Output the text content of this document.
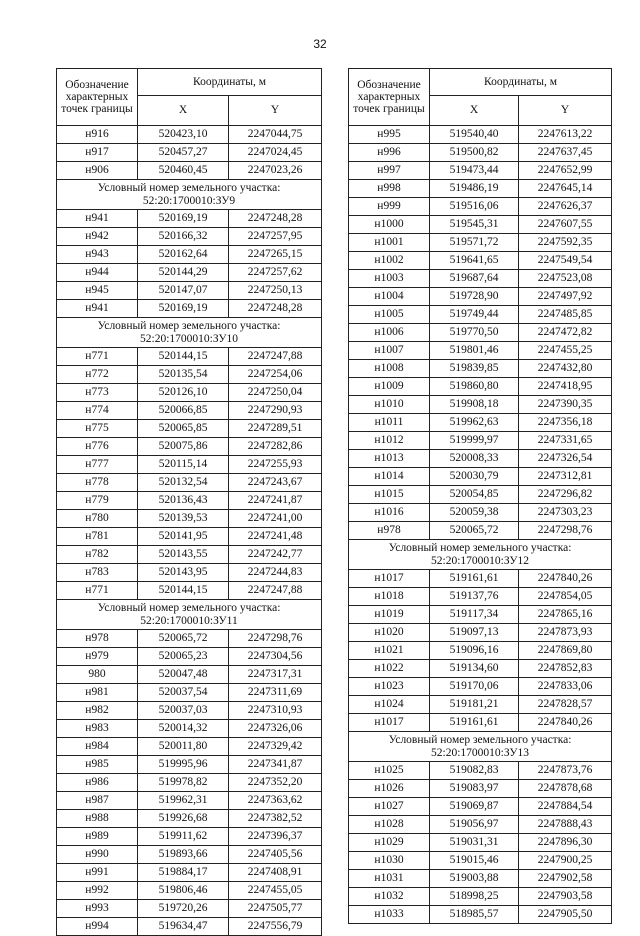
32
Обозначение характерных точек границы	Координаты, м	
	X	Y
н916	520423,10	2247044,75
н917	520457,27	2247024,45
н906	520460,45	2247023,26
Условный номер земельного участка: 52:20:1700010:ЗУ9		
н941	520169,19	2247248,28
н942	520166,32	2247257,95
н943	520162,64	2247265,15
н944	520144,29	2247257,62
н945	520147,07	2247250,13
н941	520169,19	2247248,28
Условный номер земельного участка: 52:20:1700010:ЗУ10		
н771	520144,15	2247247,88
н772	520135,54	2247254,06
н773	520126,10	2247250,04
н774	520066,85	2247290,93
н775	520065,85	2247289,51
н776	520075,86	2247282,86
н777	520115,14	2247255,93
н778	520132,54	2247243,67
н779	520136,43	2247241,87
н780	520139,53	2247241,00
н781	520141,95	2247241,48
н782	520143,55	2247242,77
н783	520143,95	2247244,83
н771	520144,15	2247247,88
Условный номер земельного участка: 52:20:1700010:ЗУ11		
н978	520065,72	2247298,76
н979	520065,23	2247304,56
980	520047,48	2247317,31
н981	520037,54	2247311,69
н982	520037,03	2247310,93
н983	520014,32	2247326,06
н984	520011,80	2247329,42
н985	519995,96	2247341,87
н986	519978,82	2247352,20
н987	519962,31	2247363,62
н988	519926,68	2247382,52
н989	519911,62	2247396,37
н990	519893,66	2247405,56
н991	519884,17	2247408,91
н992	519806,46	2247455,05
н993	519720,26	2247505,77
н994	519634,47	2247556,79
Обозначение характерных точек границы	Координаты, м	
	X	Y
н995	519540,40	2247613,22
н996	519500,82	2247637,45
н997	519473,44	2247652,99
н998	519486,19	2247645,14
н999	519516,06	2247626,37
н1000	519545,31	2247607,55
н1001	519571,72	2247592,35
н1002	519641,65	2247549,54
н1003	519687,64	2247523,08
н1004	519728,90	2247497,92
н1005	519749,44	2247485,85
н1006	519770,50	2247472,82
н1007	519801,46	2247455,25
н1008	519839,85	2247432,80
н1009	519860,80	2247418,95
н1010	519908,18	2247390,35
н1011	519962,63	2247356,18
н1012	519999,97	2247331,65
н1013	520008,33	2247326,54
н1014	520030,79	2247312,81
н1015	520054,85	2247296,82
н1016	520059,38	2247303,23
н978	520065,72	2247298,76
Условный номер земельного участка: 52:20:1700010:ЗУ12		
н1017	519161,61	2247840,26
н1018	519137,76	2247854,05
н1019	519117,34	2247865,16
н1020	519097,13	2247873,93
н1021	519096,16	2247869,80
н1022	519134,60	2247852,83
н1023	519170,06	2247833,06
н1024	519181,21	2247828,57
н1017	519161,61	2247840,26
Условный номер земельного участка: 52:20:1700010:ЗУ13		
н1025	519082,83	2247873,76
н1026	519083,97	2247878,68
н1027	519069,87	2247884,54
н1028	519056,97	2247888,43
н1029	519031,31	2247896,30
н1030	519015,46	2247900,25
н1031	519003,88	2247902,58
н1032	518998,25	2247903,58
н1033	518985,57	2247905,50
